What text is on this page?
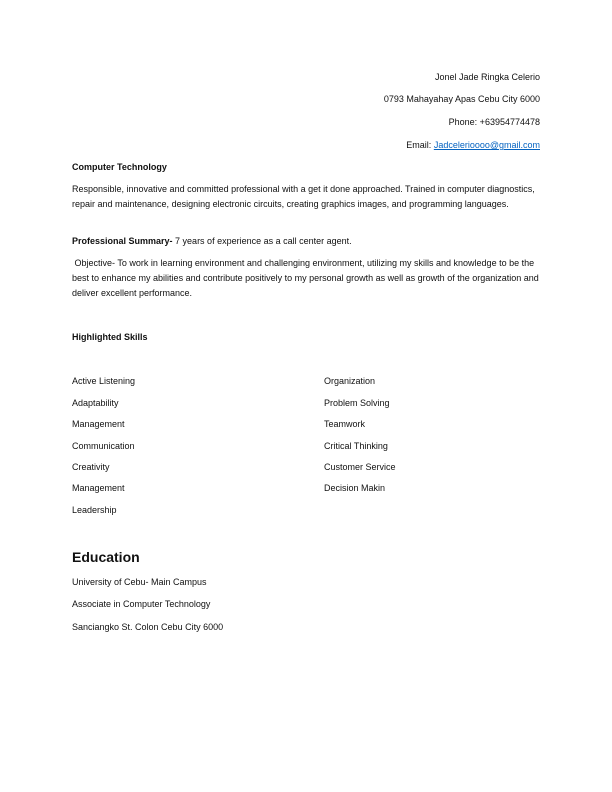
Jonel Jade Ringka Celerio
0793 Mahayahay Apas Cebu City 6000
Phone: +63954774478
Email: Jadcelerioooo@gmail.com
Computer Technology
Responsible, innovative and committed professional with a get it done approached. Trained in computer diagnostics, repair and maintenance, designing electronic circuits, creating graphics images, and programming languages.
Professional Summary- 7 years of experience as a call center agent.
Objective- To work in learning environment and challenging environment, utilizing my skills and knowledge to be the best to enhance my abilities and contribute positively to my personal growth as well as growth of the organization and deliver excellent performance.
Highlighted Skills
Active Listening
Adaptability
Management
Communication
Creativity
Management
Leadership
Organization
Problem Solving
Teamwork
Critical Thinking
Customer Service
Decision Makin
Education
University of Cebu- Main Campus
Associate in Computer Technology
Sanciangko St. Colon Cebu City 6000
